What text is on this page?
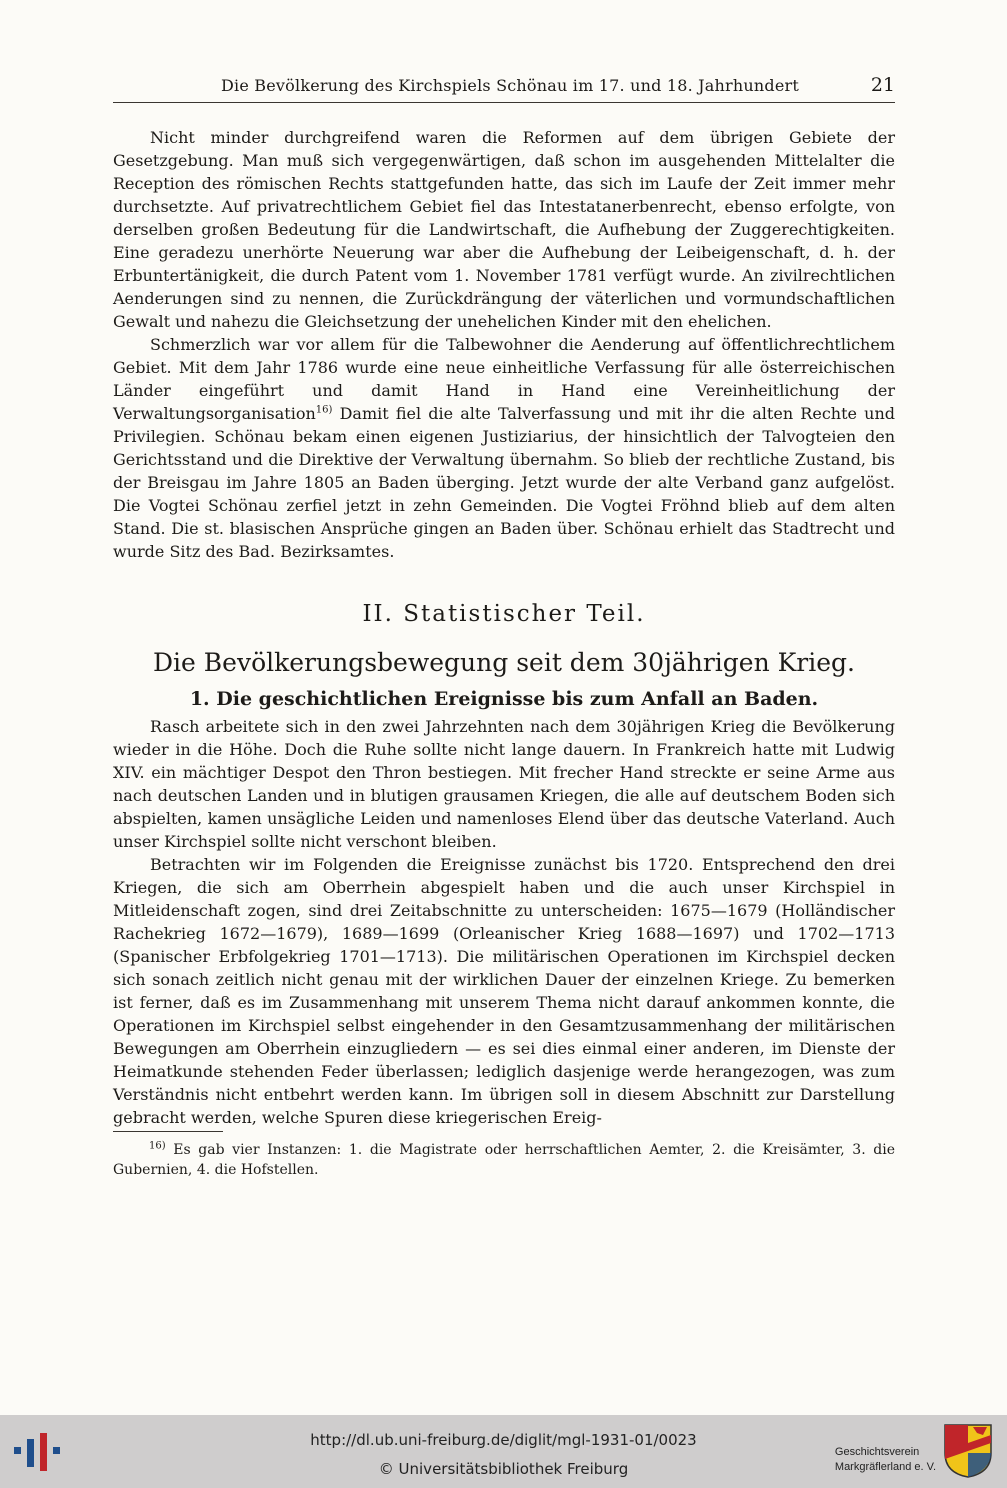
Die Bevölkerung des Kirchspiels Schönau im 17. und 18. Jahrhundert	21

Nicht minder durchgreifend waren die Reformen auf dem übrigen Gebiete der Gesetzgebung. Man muß sich vergegenwärtigen, daß schon im ausgehenden Mittelalter die Reception des römischen Rechts stattgefunden hatte, das sich im Laufe der Zeit immer mehr durchsetzte. Auf privatrechtlichem Gebiet fiel das Intestatanerbenrecht, ebenso erfolgte, von derselben großen Bedeutung für die Landwirtschaft, die Aufhebung der Zuggerechtigkeiten. Eine geradezu unerhörte Neuerung war aber die Aufhebung der Leibeigenschaft, d. h. der Erbuntertänigkeit, die durch Patent vom 1. November 1781 verfügt wurde. An zivilrechtlichen Aenderungen sind zu nennen, die Zurückdrängung der väterlichen und vormundschaftlichen Gewalt und nahezu die Gleichsetzung der unehelichen Kinder mit den ehelichen.

Schmerzlich war vor allem für die Talbewohner die Aenderung auf öffentlichrechtlichem Gebiet. Mit dem Jahr 1786 wurde eine neue einheitliche Verfassung für alle österreichischen Länder eingeführt und damit Hand in Hand eine Vereinheitlichung der Verwaltungsorganisation$^{16)}$ Damit fiel die alte Talverfassung und mit ihr die alten Rechte und Privilegien. Schönau bekam einen eigenen Justiziarius, der hinsichtlich der Talvogteien den Gerichtsstand und die Direktive der Verwaltung übernahm. So blieb der rechtliche Zustand, bis der Breisgau im Jahre 1805 an Baden überging. Jetzt wurde der alte Verband ganz aufgelöst. Die Vogtei Schönau zerfiel jetzt in zehn Gemeinden. Die Vogtei Fröhnd blieb auf dem alten Stand. Die st. blasischen Ansprüche gingen an Baden über. Schönau erhielt das Stadtrecht und wurde Sitz des Bad. Bezirksamtes.

II. Statistischer Teil.
Die Bevölkerungsbewegung seit dem 30jährigen Krieg.
1. Die geschichtlichen Ereignisse bis zum Anfall an Baden.

Rasch arbeitete sich in den zwei Jahrzehnten nach dem 30jährigen Krieg die Bevölkerung wieder in die Höhe. Doch die Ruhe sollte nicht lange dauern. In Frankreich hatte mit Ludwig XIV. ein mächtiger Despot den Thron bestiegen. Mit frecher Hand streckte er seine Arme aus nach deutschen Landen und in blutigen grausamen Kriegen, die alle auf deutschem Boden sich abspielten, kamen unsägliche Leiden und namenloses Elend über das deutsche Vaterland. Auch unser Kirchspiel sollte nicht verschont bleiben.

Betrachten wir im Folgenden die Ereignisse zunächst bis 1720. Entsprechend den drei Kriegen, die sich am Oberrhein abgespielt haben und die auch unser Kirchspiel in Mitleidenschaft zogen, sind drei Zeitabschnitte zu unterscheiden: 1675—1679 (Holländischer Rachekrieg 1672—1679), 1689—1699 (Orleanischer Krieg 1688—1697) und 1702—1713 (Spanischer Erbfolgekrieg 1701—1713). Die militärischen Operationen im Kirchspiel decken sich sonach zeitlich nicht genau mit der wirklichen Dauer der einzelnen Kriege. Zu bemerken ist ferner, daß es im Zusammenhang mit unserem Thema nicht darauf ankommen konnte, die Operationen im Kirchspiel selbst eingehender in den Gesamtzusammenhang der militärischen Bewegungen am Oberrhein einzugliedern — es sei dies einmal einer anderen, im Dienste der Heimatkunde stehenden Feder überlassen; lediglich dasjenige werde herangezogen, was zum Verständnis nicht entbehrt werden kann. Im übrigen soll in diesem Abschnitt zur Darstellung gebracht werden, welche Spuren diese kriegerischen Ereig-

$^{16)}$ Es gab vier Instanzen: 1. die Magistrate oder herrschaftlichen Aemter, 2. die Kreisämter, 3. die Gubernien, 4. die Hofstellen.

http://dl.ub.uni-freiburg.de/diglit/mgl-1931-01/0023
© Universitätsbibliothek Freiburg
Geschichtsverein
Markgräflerland e. V.
